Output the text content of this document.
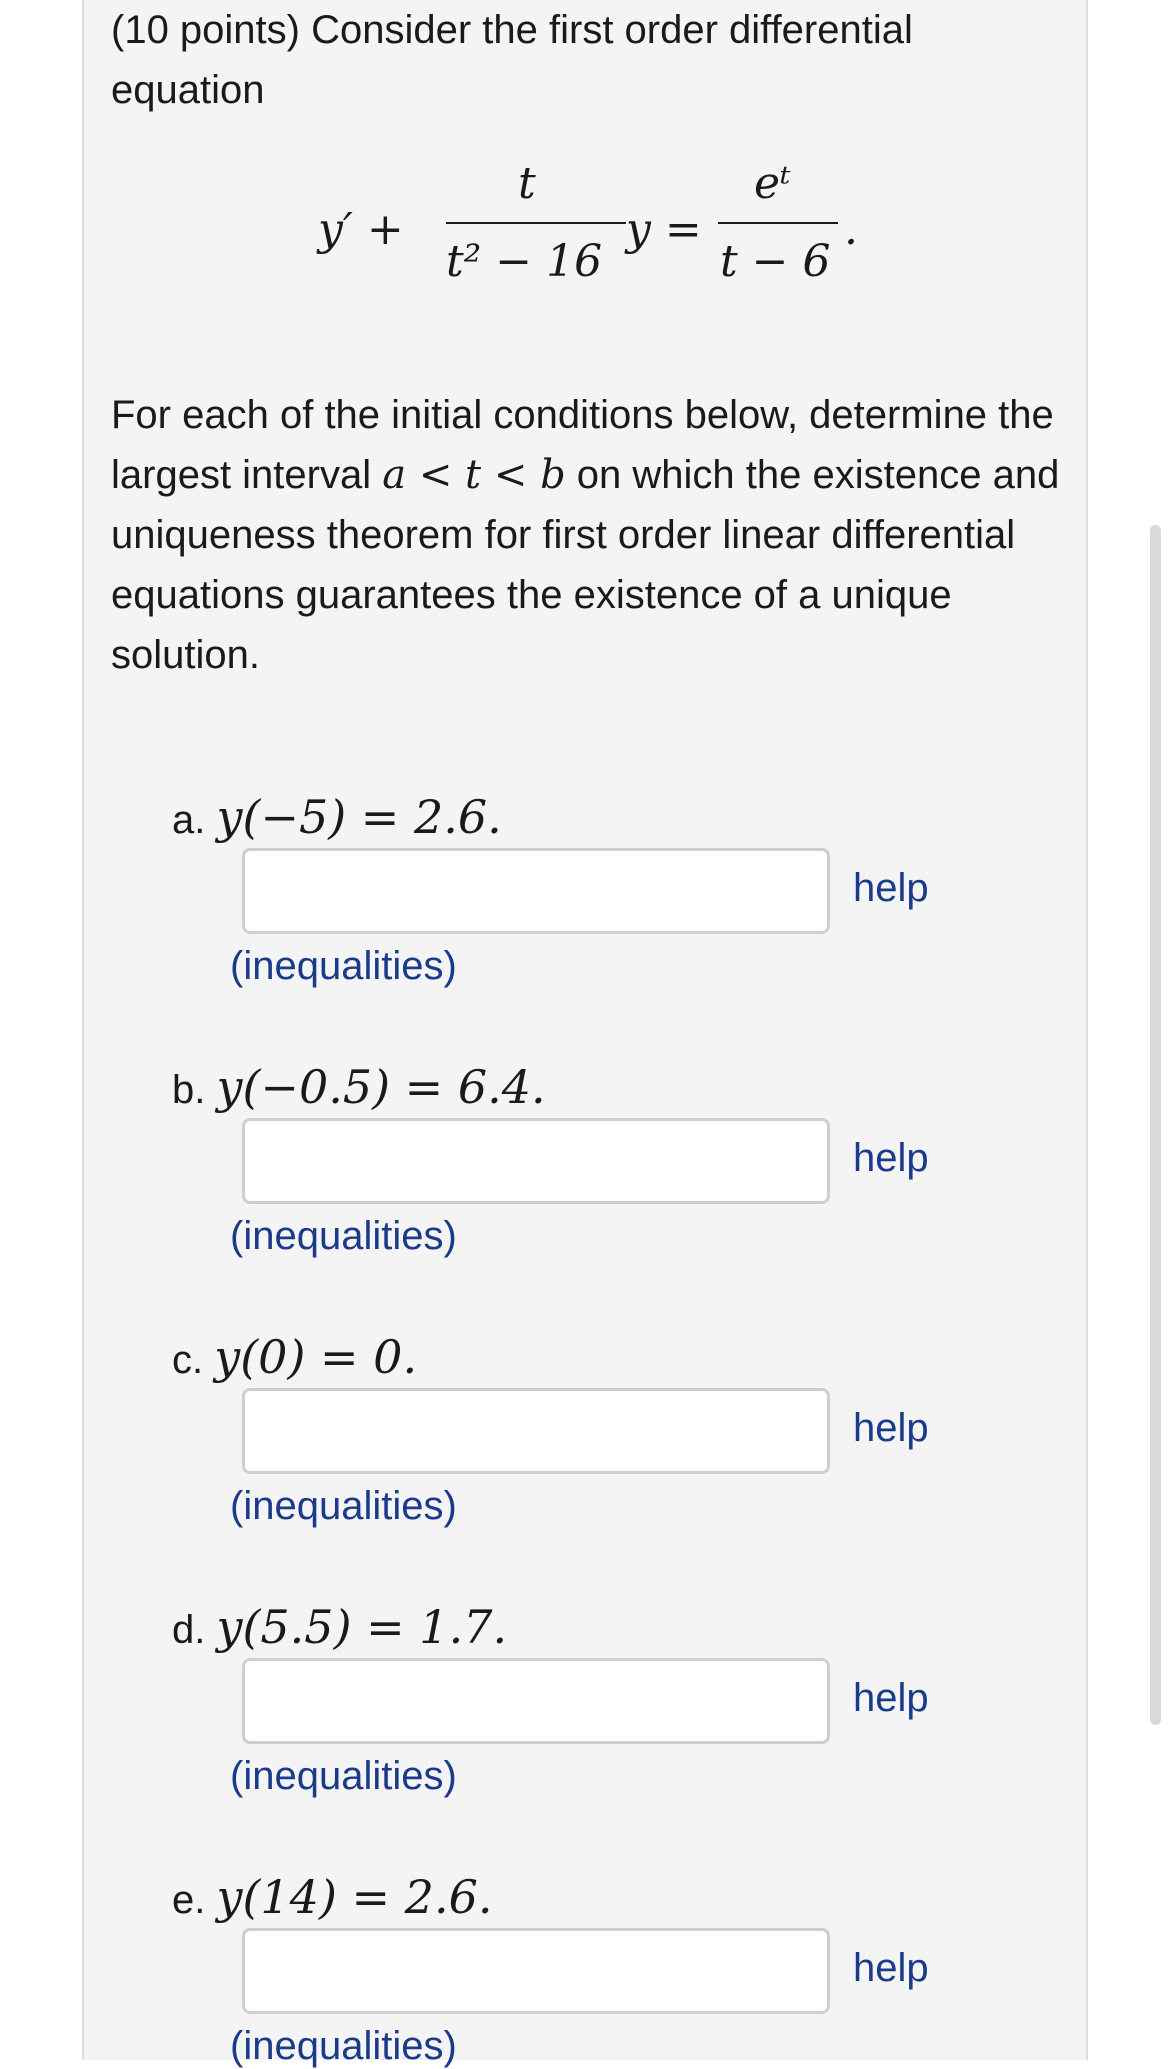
(10 points) Consider the first order differential equation
y′ +
t
t² − 16
y =
eᵗ
t − 6
.
For each of the initial conditions below, determine the largest interval a < t < b on which the existence and uniqueness theorem for first order linear differential equations guarantees the existence of a unique solution.
a. y(−5) = 2.6.
help
(inequalities)
b. y(−0.5) = 6.4.
help
(inequalities)
c. y(0) = 0.
help
(inequalities)
d. y(5.5) = 1.7.
help
(inequalities)
e. y(14) = 2.6.
help
(inequalities)
